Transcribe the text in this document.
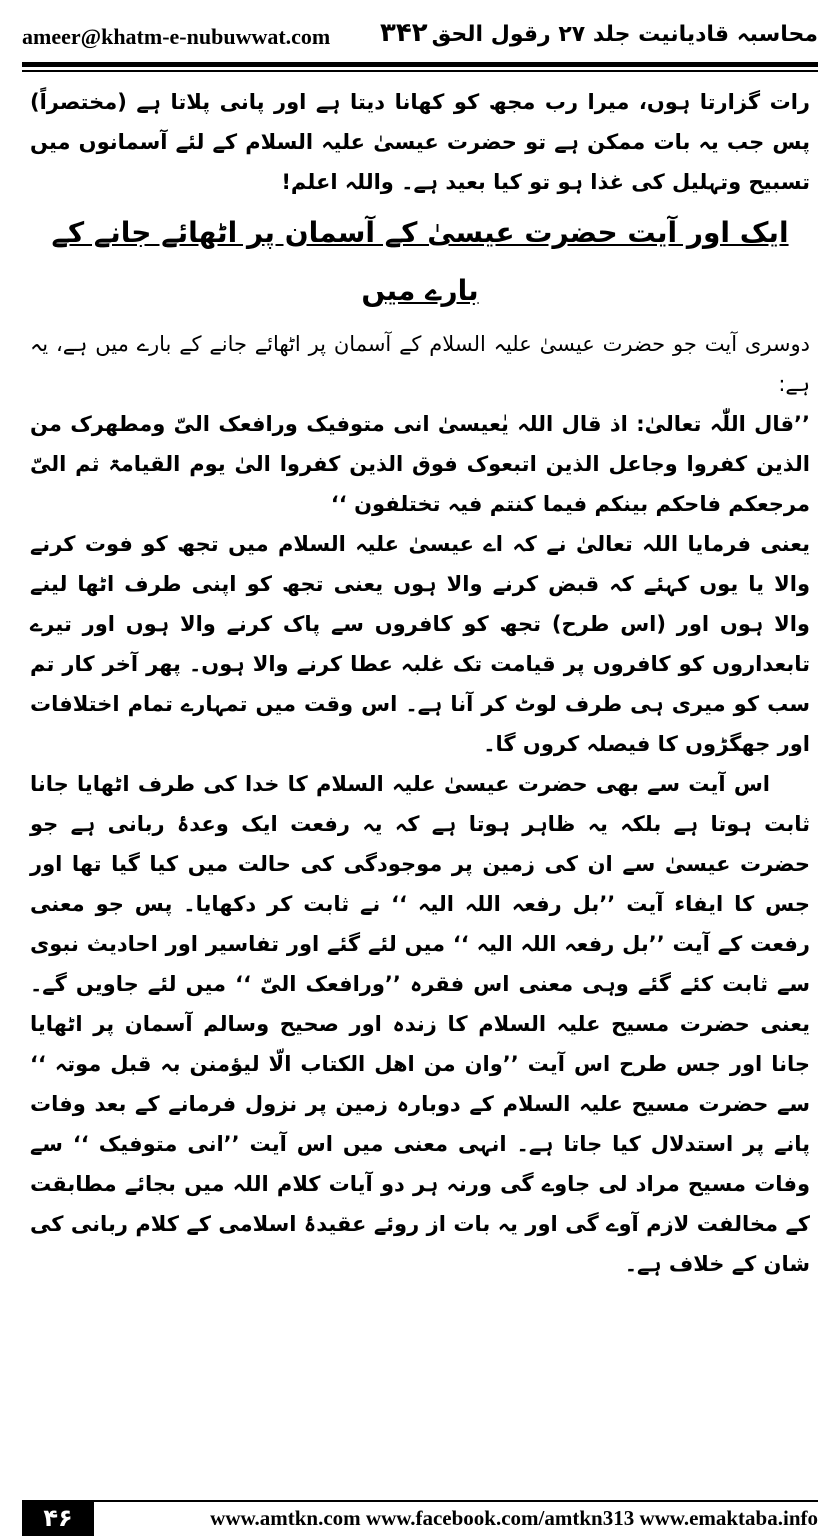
ameer@khatm-e-nubuwwat.com ۳۴۲ محاسبہ قادیانیت جلد ۲۷ رقول الحق

رات گزارتا ہوں، میرا رب مجھ کو کھانا دیتا ہے اور پانی پلاتا ہے (مختصراً) پس جب یہ بات ممکن ہے تو حضرت عیسیٰ علیہ السلام کے لئے آسمانوں میں تسبیح وتہلیل کی غذا ہو تو کیا بعید ہے۔ واللہ اعلم!

ایک اور آیت حضرت عیسیٰ کے آسمان پر اٹھائے جانے کے بارے میں

دوسری آیت جو حضرت عیسیٰ علیہ السلام کے آسمان پر اٹھائے جانے کے بارے میں ہے، یہ ہے:

’’قال اللّٰہ تعالیٰ: اذ قال اللہ یٰعیسیٰ انی متوفیک ورافعک الیّ ومطھرک من الذین کفروا وجاعل الذین اتبعوک فوق الذین کفروا الیٰ یوم القیامۃ ثم الیّ مرجعکم فاحکم بینکم فیما کنتم فیہ تختلفون ‘‘

یعنی فرمایا اللہ تعالیٰ نے کہ اے عیسیٰ علیہ السلام میں تجھ کو فوت کرنے والا یا یوں کہئے کہ قبض کرنے والا ہوں یعنی تجھ کو اپنی طرف اٹھا لینے والا ہوں اور (اس طرح) تجھ کو کافروں سے پاک کرنے والا ہوں اور تیرے تابعداروں کو کافروں پر قیامت تک غلبہ عطا کرنے والا ہوں۔ پھر آخر کار تم سب کو میری ہی طرف لوٹ کر آنا ہے۔ اس وقت میں تمہارے تمام اختلافات اور جھگڑوں کا فیصلہ کروں گا۔

اس آیت سے بھی حضرت عیسیٰ علیہ السلام کا خدا کی طرف اٹھایا جانا ثابت ہوتا ہے بلکہ یہ ظاہر ہوتا ہے کہ یہ رفعت ایک وعدۂ ربانی ہے جو حضرت عیسیٰ سے ان کی زمین پر موجودگی کی حالت میں کیا گیا تھا اور جس کا ایفاء آیت ’’بل رفعہ اللہ الیہ ‘‘ نے ثابت کر دکھایا۔ پس جو معنی رفعت کے آیت ’’بل رفعہ اللہ الیہ ‘‘ میں لئے گئے اور تفاسیر اور احادیث نبوی سے ثابت کئے گئے وہی معنی اس فقرہ ’’ورافعک الیّ ‘‘ میں لئے جاویں گے۔ یعنی حضرت مسیح علیہ السلام کا زندہ اور صحیح وسالم آسمان پر اٹھایا جانا اور جس طرح اس آیت ’’وان من اھل الکتاب الّا لیؤمنن بہ قبل موتہ ‘‘ سے حضرت مسیح علیہ السلام کے دوبارہ زمین پر نزول فرمانے کے بعد وفات پانے پر استدلال کیا جاتا ہے۔ انہی معنی میں اس آیت ’’انی متوفیک ‘‘ سے وفات مسیح مراد لی جاوے گی ورنہ ہر دو آیات کلام اللہ میں بجائے مطابقت کے مخالفت لازم آوے گی اور یہ بات از روئے عقیدۂ اسلامی کے کلام ربانی کی شان کے خلاف ہے۔

۴۶	www.amtkn.com www.facebook.com/amtkn313 www.emaktaba.info
